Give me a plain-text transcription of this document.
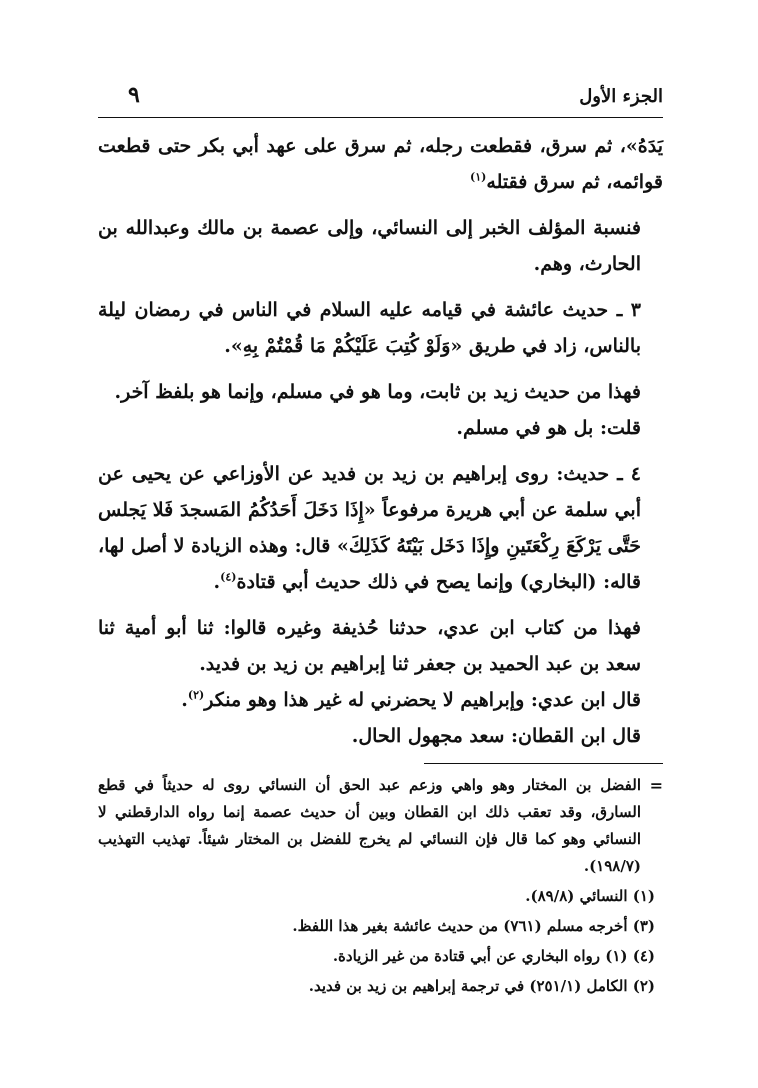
الجزء الأول
٩

يَدَهُ»، ثم سرق، فقطعت رجله، ثم سرق على عهد أبي بكر حتى قطعت قوائمه، ثم سرق فقتله$^{(١)}$

فنسبة المؤلف الخبر إلى النسائي، وإلى عصمة بن مالك وعبدالله بن الحارث، وهم.

٣ ـ حديث عائشة في قيامه عليه السلام في الناس في رمضان ليلة بالناس، زاد في طريق «وَلَوْ كُتِبَ عَلَيْكُمْ مَا قُمْتُمْ بِهِ».

فهذا من حديث زيد بن ثابت، وما هو في مسلم، وإنما هو بلفظ آخر.

قلت: بل هو في مسلم.

٤ ـ حديث: روى إبراهيم بن زيد بن فديد عن الأوزاعي عن يحيى عن أبي سلمة عن أبي هريرة مرفوعاً «إِذَا دَخَلَ أَحَدُكُمُ المَسجدَ فَلا يَجلس حَتَّى يَرْكَعَ رِكْعَتَينِ وإِذَا دَخَل بَيْتَهُ كَذَلِكَ» قال: وهذه الزيادة لا أصل لها، قاله: (البخاري) وإنما يصح في ذلك حديث أبي قتادة$^{(٤)}$.

فهذا من كتاب ابن عدي، حدثنا حُذيفة وغيره قالوا: ثنا أبو أمية ثنا سعد بن عبد الحميد بن جعفر ثنا إبراهيم بن زيد بن فديد.

قال ابن عدي: وإبراهيم لا يحضرني له غير هذا وهو منكر$^{(٢)}$.

قال ابن القطان: سعد مجهول الحال.

=
الفضل بن المختار وهو واهي وزعم عبد الحق أن النسائي روى له حديثاً في قطع السارق، وقد تعقب ذلك ابن القطان وبين أن حديث عصمة إنما رواه الدارقطني لا النسائي وهو كما قال فإن النسائي لم يخرج للفضل بن المختار شيئاً. تهذيب التهذيب (١٩٨/٧).

(١) النسائي (٨٩/٨).

(٣) أخرجه مسلم (٧٦١) من حديث عائشة بغير هذا اللفظ.

(٤) (١) رواه البخاري عن أبي قتادة من غير الزيادة.

(٢) الكامل (٢٥١/١) في ترجمة إبراهيم بن زيد بن فديد.
